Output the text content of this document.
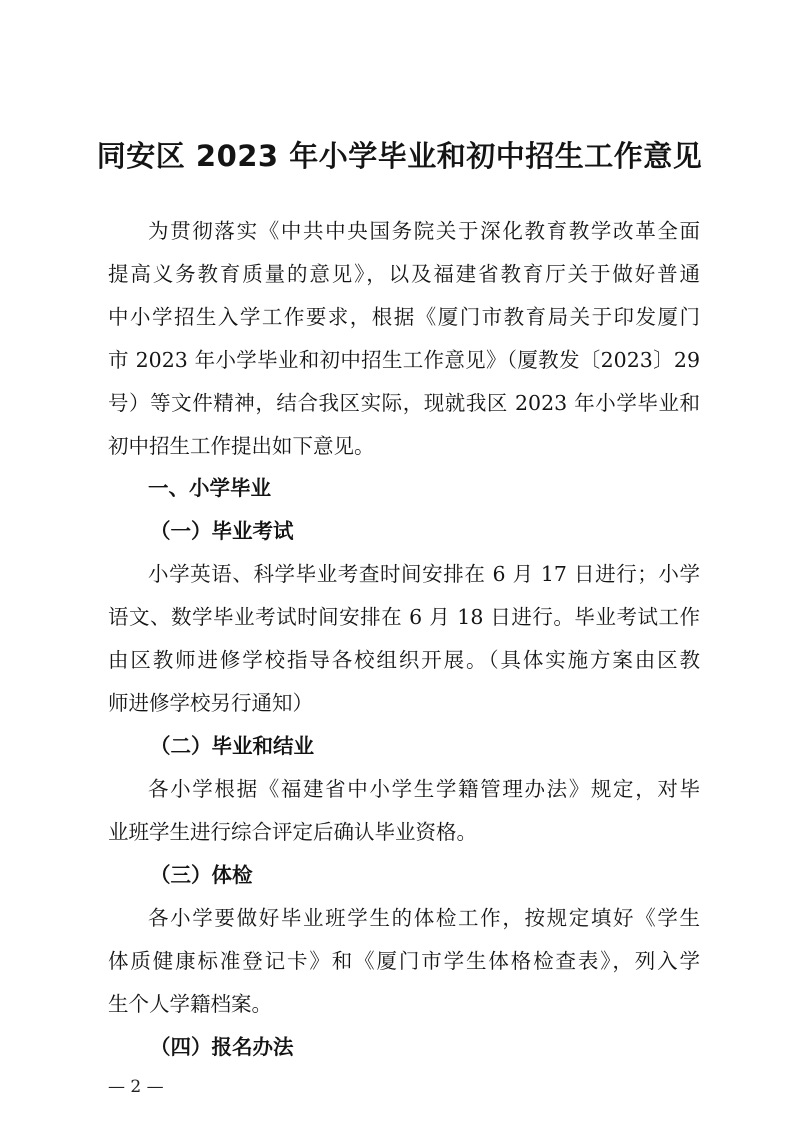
同安区 2023 年小学毕业和初中招生工作意见
为贯彻落实《中共中央国务院关于深化教育教学改革全面
提高义务教育质量的意见》，以及福建省教育厅关于做好普通
中小学招生入学工作要求，根据《厦门市教育局关于印发厦门
市 2023 年小学毕业和初中招生工作意见》（厦教发〔2023〕29
号）等文件精神，结合我区实际，现就我区 2023 年小学毕业和
初中招生工作提出如下意见。
一、小学毕业
（一）毕业考试
小学英语、科学毕业考查时间安排在 6 月 17 日进行；小学
语文、数学毕业考试时间安排在 6 月 18 日进行。毕业考试工作
由区教师进修学校指导各校组织开展。（具体实施方案由区教
师进修学校另行通知）
（二）毕业和结业
各小学根据《福建省中小学生学籍管理办法》规定，对毕
业班学生进行综合评定后确认毕业资格。
（三）体检
各小学要做好毕业班学生的体检工作，按规定填好《学生
体质健康标准登记卡》和《厦门市学生体格检查表》，列入学
生个人学籍档案。
（四）报名办法
— 2 —
